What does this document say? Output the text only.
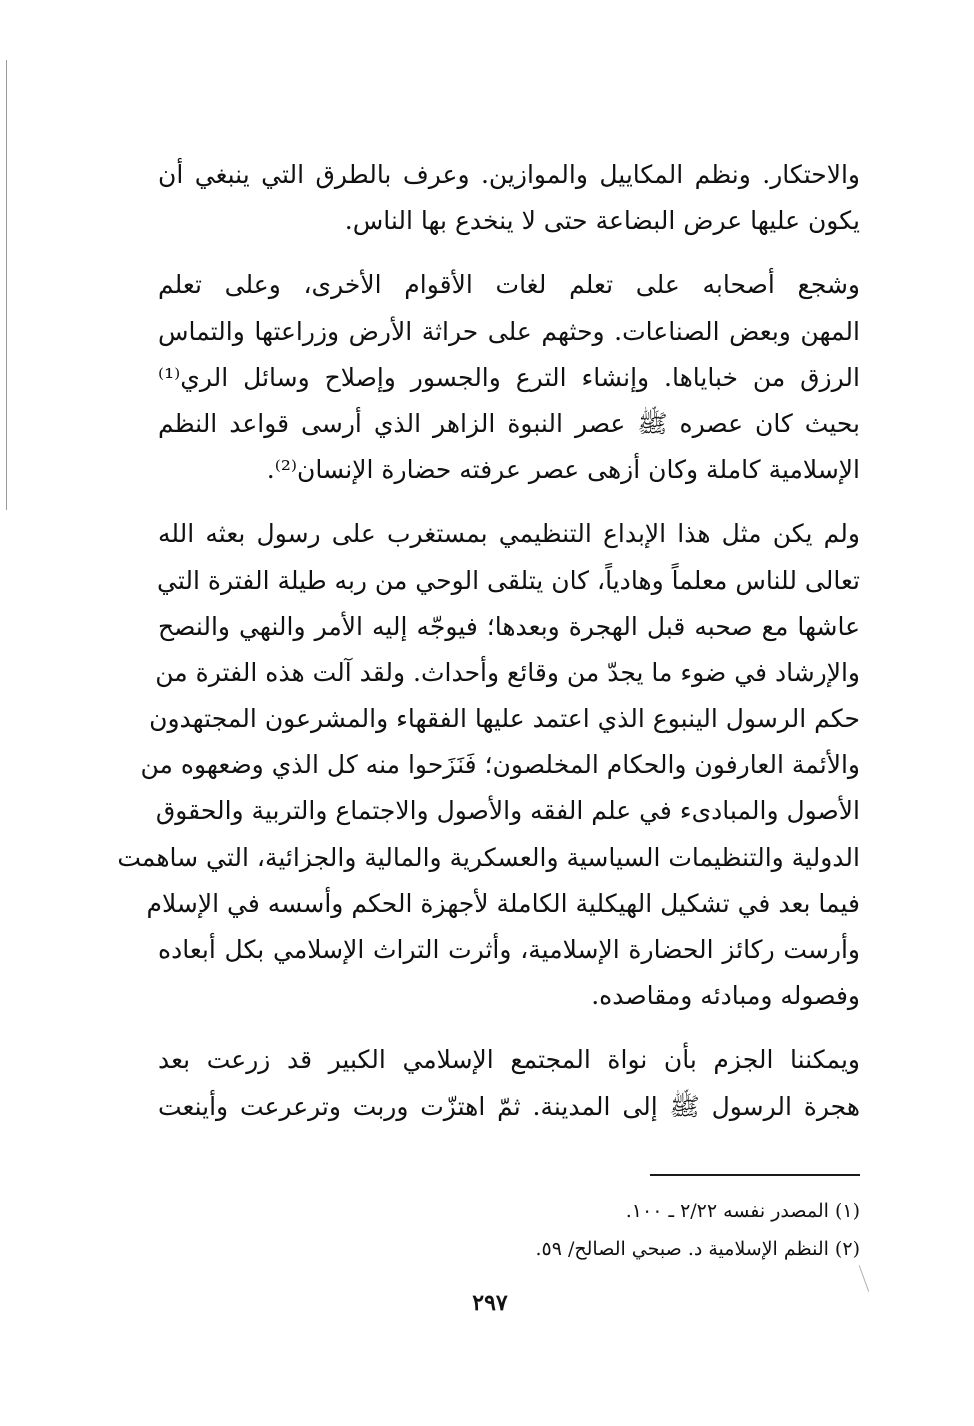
والاحتكار. ونظم المكاييل والموازين. وعرف بالطرق التي ينبغي أن
يكون عليها عرض البضاعة حتى لا ينخدع بها الناس.

وشجع أصحابه على تعلم لغات الأقوام الأخرى، وعلى تعلم
المهن وبعض الصناعات. وحثهم على حراثة الأرض وزراعتها والتماس
الرزق من خباياها. وإنشاء الترع والجسور وإصلاح وسائل الري⁽¹⁾
بحيث كان عصره ﷺ عصر النبوة الزاهر الذي أرسى قواعد النظم
الإسلامية كاملة وكان أزهى عصر عرفته حضارة الإنسان⁽²⁾.

ولم يكن مثل هذا الإبداع التنظيمي بمستغرب على رسول بعثه الله
تعالى للناس معلماً وهادياً، كان يتلقى الوحي من ربه طيلة الفترة التي
عاشها مع صحبه قبل الهجرة وبعدها؛ فيوجّه إليه الأمر والنهي والنصح
والإرشاد في ضوء ما يجدّ من وقائع وأحداث. ولقد آلت هذه الفترة من
حكم الرسول الينبوع الذي اعتمد عليها الفقهاء والمشرعون المجتهدون
والأئمة العارفون والحكام المخلصون؛ فَنَزَحوا منه كل الذي وضعهوه من
الأصول والمبادىء في علم الفقه والأصول والاجتماع والتربية والحقوق
الدولية والتنظيمات السياسية والعسكرية والمالية والجزائية، التي ساهمت
فيما بعد في تشكيل الهيكلية الكاملة لأجهزة الحكم وأسسه في الإسلام
وأرست ركائز الحضارة الإسلامية، وأثرت التراث الإسلامي بكل أبعاده
وفصوله ومبادئه ومقاصده.

ويمكننا الجزم بأن نواة المجتمع الإسلامي الكبير قد زرعت بعد
هجرة الرسول ﷺ إلى المدينة. ثمّ اهتزّت وربت وترعرعت وأينعت

(١) المصدر نفسه ٢/٢٢ ـ ١٠٠.
(٢) النظم الإسلامية د. صبحي الصالح/ ٥٩.
٢٩٧
